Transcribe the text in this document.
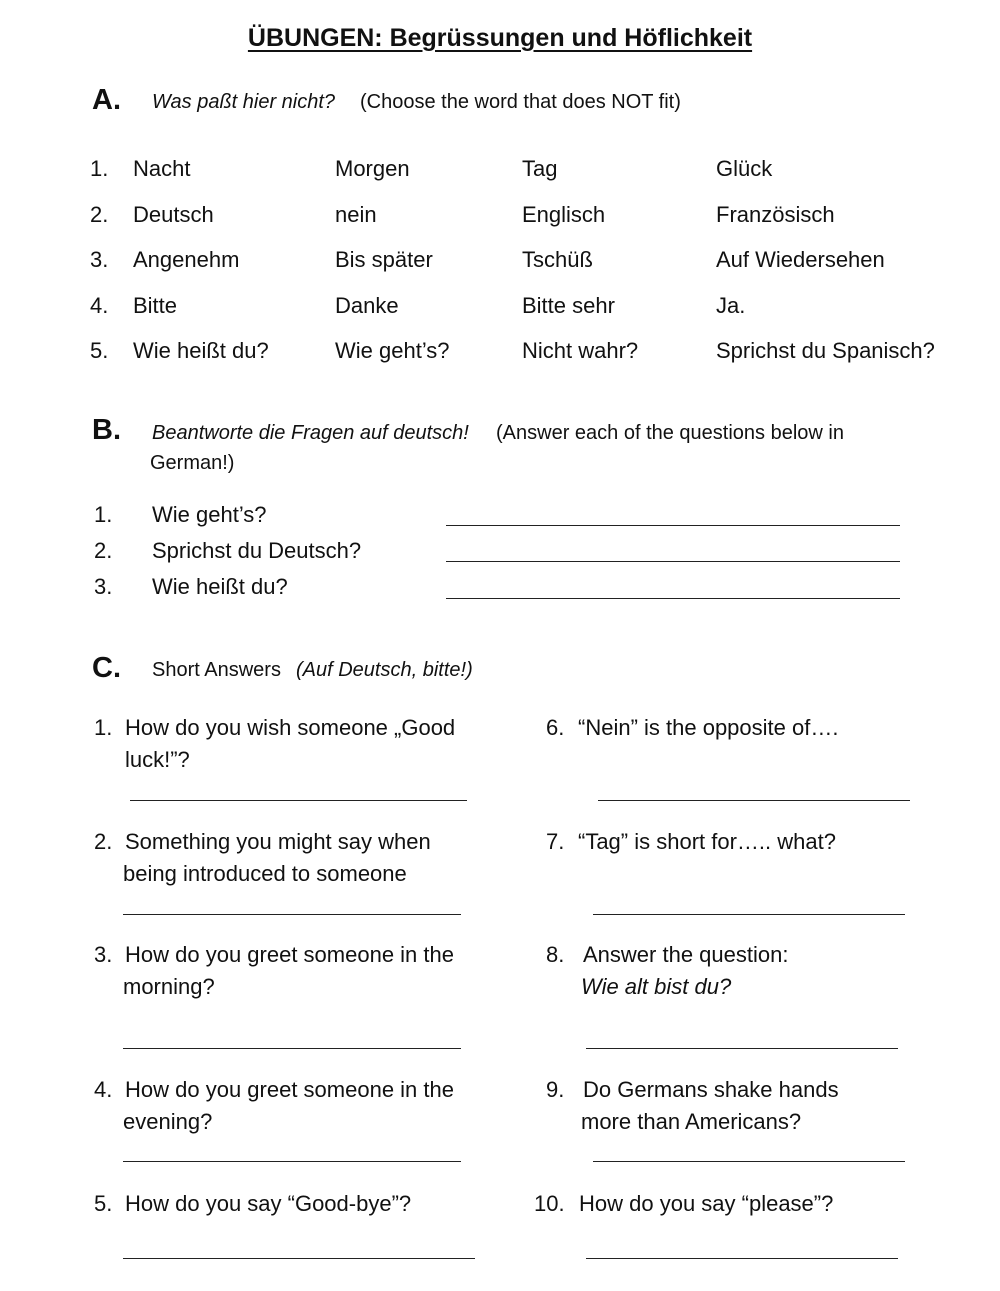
ÜBUNGEN: Begrüssungen und Höflichkeit
A. Was paßt hier nicht? (Choose the word that does NOT fit)
1. Nacht	Morgen	Tag	Glück
2. Deutsch	nein	Englisch	Französisch
3. Angenehm	Bis später	Tschüß	Auf Wiedersehen
4. Bitte	Danke	Bitte sehr	Ja.
5. Wie heißt du?	Wie geht’s?	Nicht wahr?	Sprichst du Spanisch?
B. Beantworte die Fragen auf deutsch! (Answer each of the questions below in
German!)
1. Wie geht’s?
2. Sprichst du Deutsch?
3. Wie heißt du?
C. Short Answers (Auf Deutsch, bitte!)
1. How do you wish someone „Good
luck!”?
6. “Nein” is the opposite of….
2. Something you might say when
being introduced to someone
7. “Tag” is short for….. what?
3. How do you greet someone in the
morning?
8. Answer the question:
Wie alt bist du?
4. How do you greet someone in the
evening?
9. Do Germans shake hands
more than Americans?
5. How do you say “Good-bye”?	10. How do you say “please”?
